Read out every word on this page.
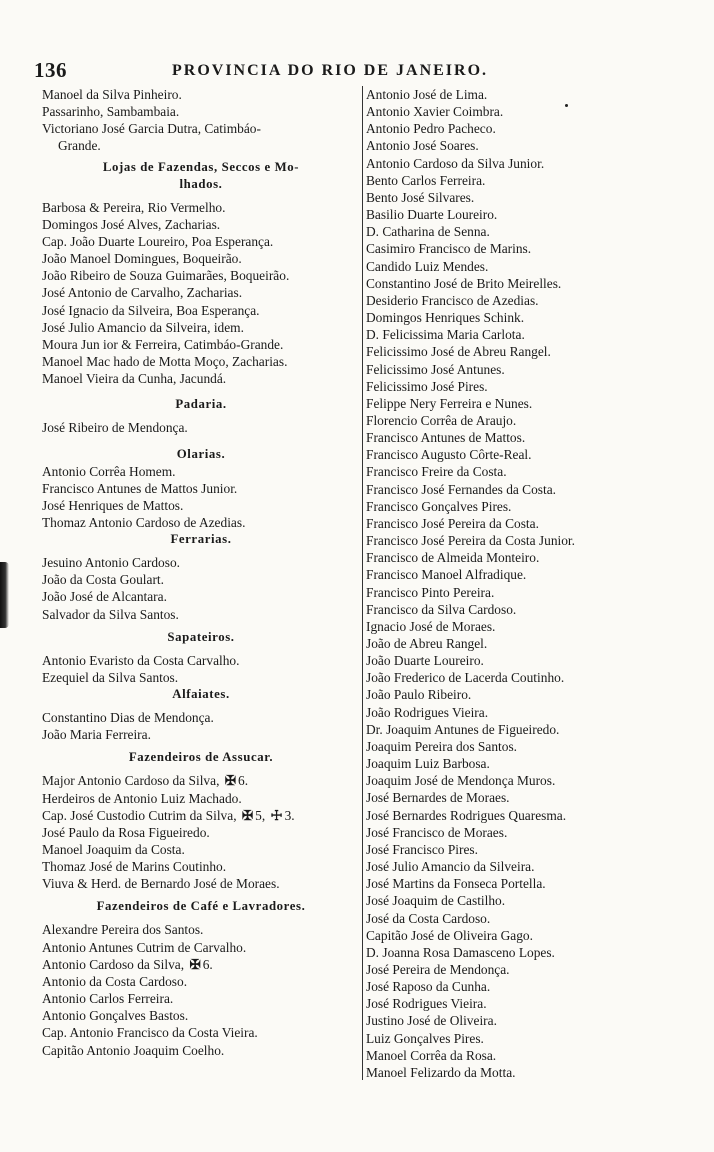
136	PROVINCIA DO RIO DE JANEIRO.
Manoel da Silva Pinheiro.
Passarinho, Sambambaia.
Victoriano José Garcia Dutra, Catimbáo-
Grande.
Lojas de Fazendas, Seccos e Mo-
lhados.
Barbosa & Pereira, Rio Vermelho.
Domingos José Alves, Zacharias.
Cap. João Duarte Loureiro, Poa Esperança.
João Manoel Domingues, Boqueirão.
João Ribeiro de Souza Guimarães, Boqueirão.
José Antonio de Carvalho, Zacharias.
José Ignacio da Silveira, Boa Esperança.
José Julio Amancio da Silveira, idem.
Moura Jun ior & Ferreira, Catimbáo-Grande.
Manoel Mac hado de Motta Moço, Zacharias.
Manoel Vieira da Cunha, Jacundá.
Padaria.
José Ribeiro de Mendonça.
Olarias.
Antonio Corrêa Homem.
Francisco Antunes de Mattos Junior.
José Henriques de Mattos.
Thomaz Antonio Cardoso de Azedias.
Ferrarias.
Jesuino Antonio Cardoso.
João da Costa Goulart.
João José de Alcantara.
Salvador da Silva Santos.
Sapateiros.
Antonio Evaristo da Costa Carvalho.
Ezequiel da Silva Santos.
Alfaiates.
Constantino Dias de Mendonça.
João Maria Ferreira.
Fazendeiros de Assucar.
Major Antonio Cardoso da Silva, ✠ 6.
Herdeiros de Antonio Luiz Machado.
Cap. José Custodio Cutrim da Silva, ✠ 5, ☩ 3.
José Paulo da Rosa Figueiredo.
Manoel Joaquim da Costa.
Thomaz José de Marins Coutinho.
Viuva & Herd. de Bernardo José de Moraes.
Fazendeiros de Café e Lavradores.
Alexandre Pereira dos Santos.
Antonio Antunes Cutrim de Carvalho.
Antonio Cardoso da Silva, ✠ 6.
Antonio da Costa Cardoso.
Antonio Carlos Ferreira.
Antonio Gonçalves Bastos.
Cap. Antonio Francisco da Costa Vieira.
Capitão Antonio Joaquim Coelho.
Antonio José de Lima.
Antonio Xavier Coimbra.
Antonio Pedro Pacheco.
Antonio José Soares.
Antonio Cardoso da Silva Junior.
Bento Carlos Ferreira.
Bento José Silvares.
Basilio Duarte Loureiro.
D. Catharina de Senna.
Casimiro Francisco de Marins.
Candido Luiz Mendes.
Constantino José de Brito Meirelles.
Desiderio Francisco de Azedias.
Domingos Henriques Schink.
D. Felicissima Maria Carlota.
Felicissimo José de Abreu Rangel.
Felicissimo José Antunes.
Felicissimo José Pires.
Felippe Nery Ferreira e Nunes.
Florencio Corrêa de Araujo.
Francisco Antunes de Mattos.
Francisco Augusto Côrte-Real.
Francisco Freire da Costa.
Francisco José Fernandes da Costa.
Francisco Gonçalves Pires.
Francisco José Pereira da Costa.
Francisco José Pereira da Costa Junior.
Francisco de Almeida Monteiro.
Francisco Manoel Alfradique.
Francisco Pinto Pereira.
Francisco da Silva Cardoso.
Ignacio José de Moraes.
João de Abreu Rangel.
João Duarte Loureiro.
João Frederico de Lacerda Coutinho.
João Paulo Ribeiro.
João Rodrigues Vieira.
Dr. Joaquim Antunes de Figueiredo.
Joaquim Pereira dos Santos.
Joaquim Luiz Barbosa.
Joaquim José de Mendonça Muros.
José Bernardes de Moraes.
José Bernardes Rodrigues Quaresma.
José Francisco de Moraes.
José Francisco Pires.
José Julio Amancio da Silveira.
José Martins da Fonseca Portella.
José Joaquim de Castilho.
José da Costa Cardoso.
Capitão José de Oliveira Gago.
D. Joanna Rosa Damasceno Lopes.
José Pereira de Mendonça.
José Raposo da Cunha.
José Rodrigues Vieira.
Justino José de Oliveira.
Luiz Gonçalves Pires.
Manoel Corrêa da Rosa.
Manoel Felizardo da Motta.
